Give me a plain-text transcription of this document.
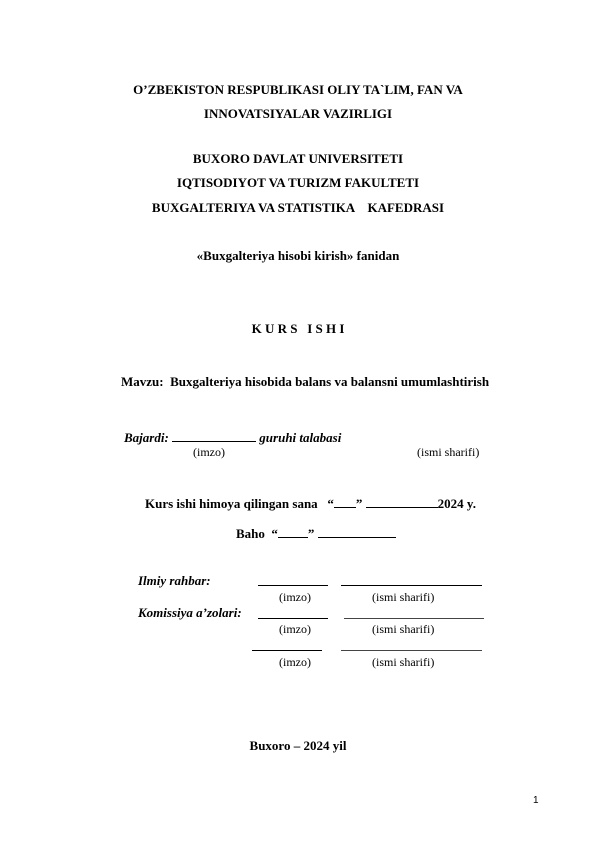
O’ZBEKISTON RESPUBLIKASI OLIY TA`LIM, FAN VA
INNOVATSIYALAR VAZIRLIGI
BUXORO DAVLAT UNIVERSITETI
IQTISODIYOT VA TURIZM FAKULTETI
BUXGALTERIYA VA STATISTIKA    KAFEDRASI
«Buxgalteriya hisobi kirish» fanidan
K U R S   I S H I
Mavzu: Buxgalteriya hisobida balans va balansni umumlashtirish
Bajardi:	guruhi talabasi
(imzo)	(ismi sharifi)
Kurs ishi himoya qilingan sana “ ”	2024 y.
Baho “ ”
Ilmiy rahbar:
(imzo)	(ismi sharifi)
Komissiya a’zolari:
(imzo)	(ismi sharifi)
(imzo)	(ismi sharifi)
Buxoro – 2024 yil
1
